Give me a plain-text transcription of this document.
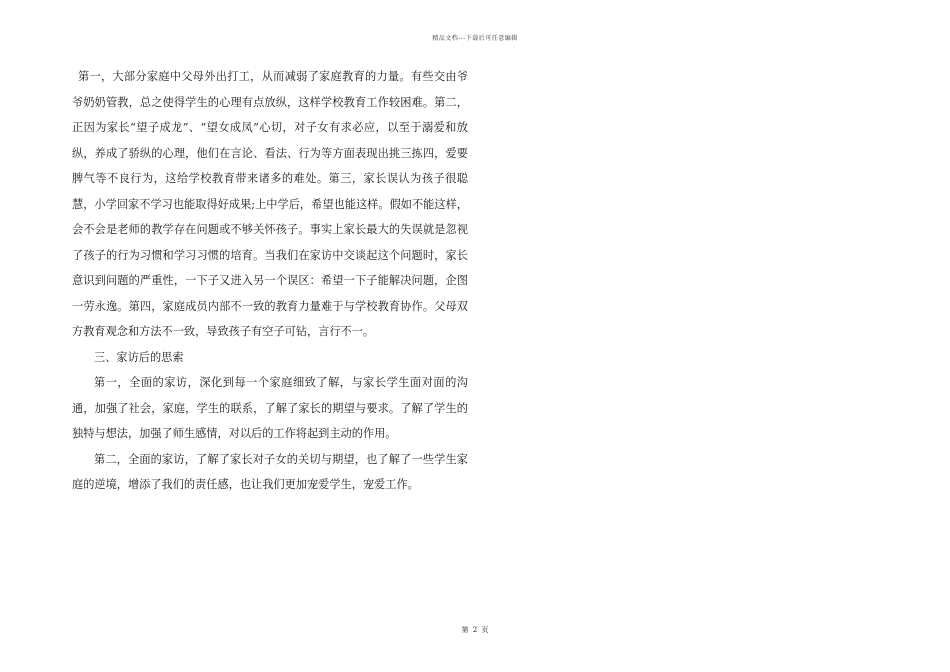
精品文档---下载后可任意编辑

第一，大部分家庭中父母外出打工，从而减弱了家庭教育的力量。有些交由爷爷奶奶管教，总之使得学生的心理有点放纵，这样学校教育工作较困难。第二，正因为家长“望子成龙”、“望女成凤”心切，对子女有求必应，以至于溺爱和放纵，养成了骄纵的心理，他们在言论、看法、行为等方面表现出挑三拣四，爱要脾气等不良行为，这给学校教育带来诸多的难处。第三，家长误认为孩子很聪慧，小学回家不学习也能取得好成果;上中学后，希望也能这样。假如不能这样，会不会是老师的教学存在问题或不够关怀孩子。事实上家长最大的失误就是忽视了孩子的行为习惯和学习习惯的培育。当我们在家访中交谈起这个问题时，家长意识到问题的严重性，一下子又进入另一个误区：希望一下子能解决问题，企图一劳永逸。第四，家庭成员内部不一致的教育力量难于与学校教育协作。父母双方教育观念和方法不一致，导致孩子有空子可钻，言行不一。

三、家访后的思索

第一，全面的家访，深化到每一个家庭细致了解，与家长学生面对面的沟通，加强了社会，家庭，学生的联系，了解了家长的期望与要求。了解了学生的独特与想法，加强了师生感情，对以后的工作将起到主动的作用。

第二，全面的家访，了解了家长对子女的关切与期望，也了解了一些学生家庭的逆境，增添了我们的责任感，也让我们更加宠爱学生，宠爱工作。

第 2 页
